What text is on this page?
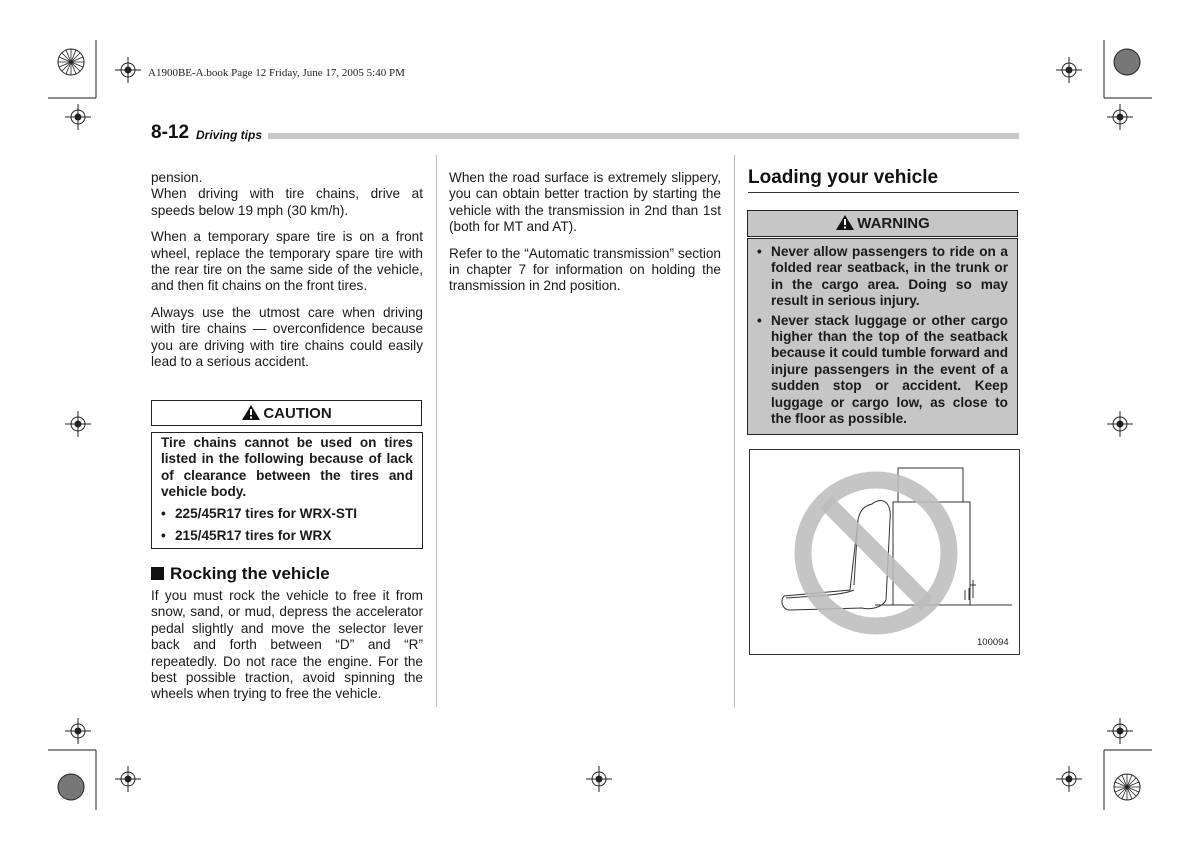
A1900BE-A.book Page 12 Friday, June 17, 2005 5:40 PM
8-12 Driving tips

pension.

When driving with tire chains, drive at speeds below 19 mph (30 km/h).

When a temporary spare tire is on a front wheel, replace the temporary spare tire with the rear tire on the same side of the vehicle, and then fit chains on the front tires.

Always use the utmost care when driving with tire chains — overconfidence because you are driving with tire chains could easily lead to a serious accident.

CAUTION
Tire chains cannot be used on tires listed in the following because of lack of clearance between the tires and vehicle body.
• 225/45R17 tires for WRX-STI
• 215/45R17 tires for WRX
Rocking the vehicle

If you must rock the vehicle to free it from snow, sand, or mud, depress the accelerator pedal slightly and move the selector lever back and forth between “D” and “R” repeatedly. Do not race the engine. For the best possible traction, avoid spinning the wheels when trying to free the vehicle.

When the road surface is extremely slippery, you can obtain better traction by starting the vehicle with the transmission in 2nd than 1st (both for MT and AT).

Refer to the “Automatic transmission” section in chapter 7 for information on holding the transmission in 2nd position.

Loading your vehicle
WARNING
• Never allow passengers to ride on a folded rear seatback, in the trunk or in the cargo area. Doing so may result in serious injury.
• Never stack luggage or other cargo higher than the top of the seatback because it could tumble forward and injure passengers in the event of a sudden stop or accident. Keep luggage or cargo low, as close to the floor as possible.
100094
